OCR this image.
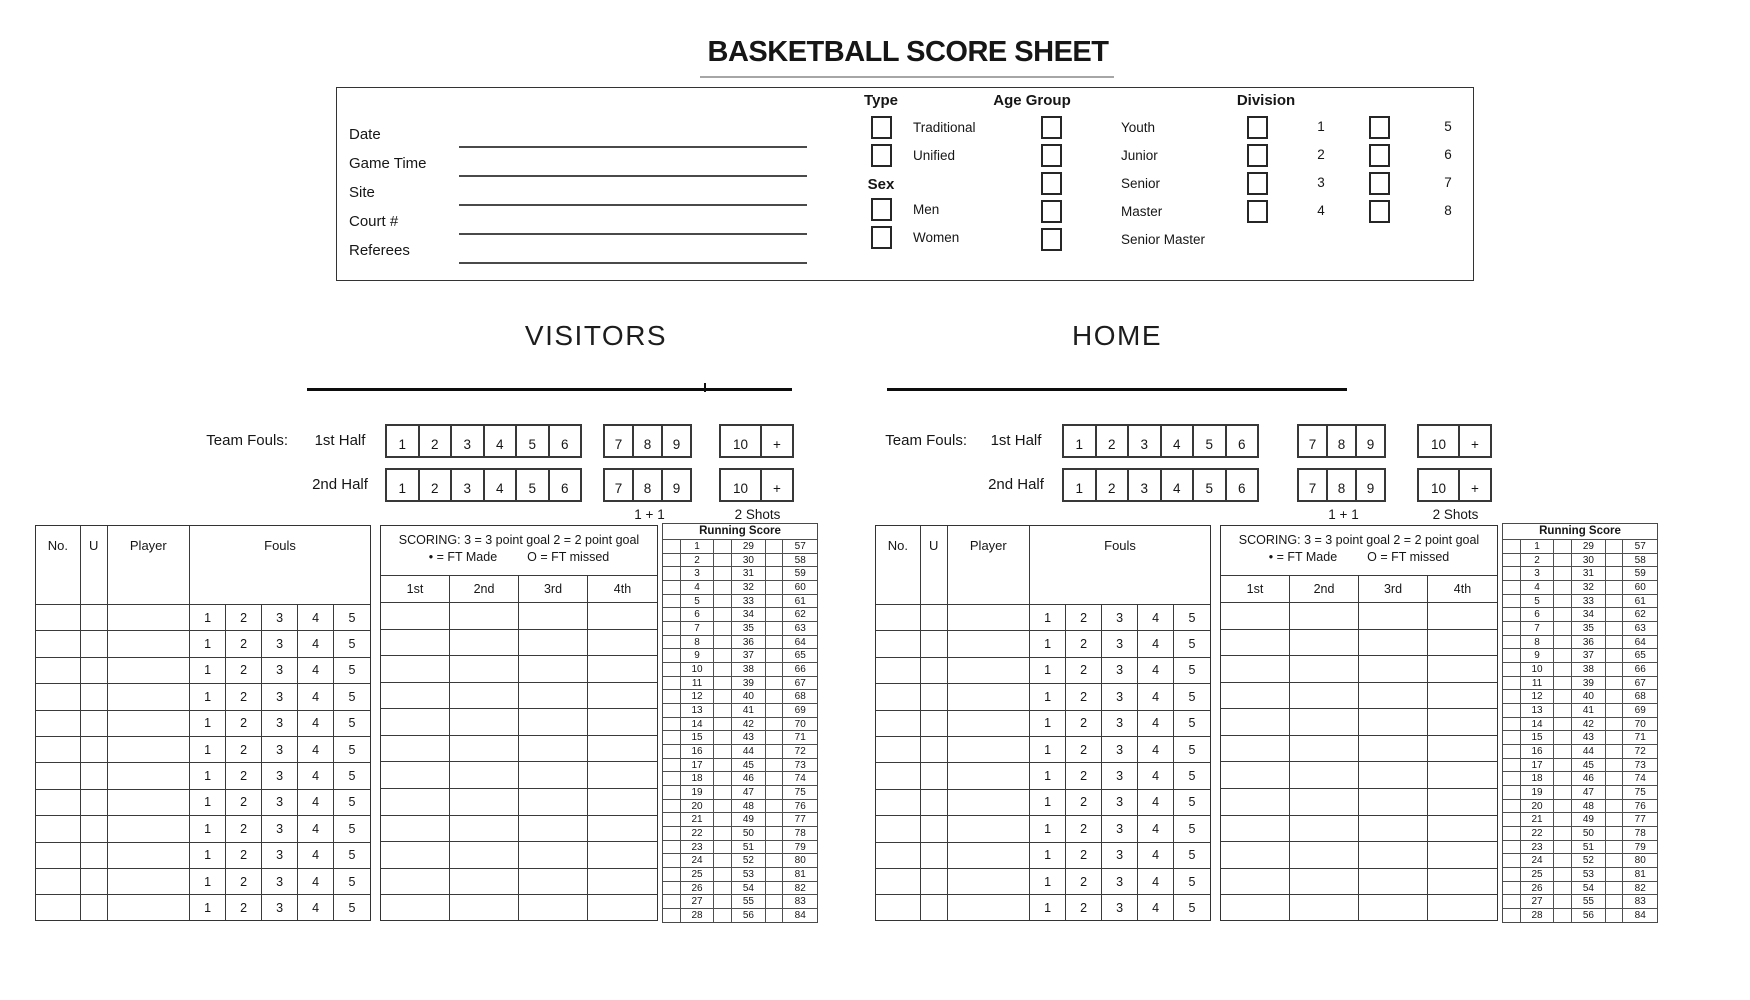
BASKETBALL SCORE SHEET
Date
Game Time
Site
Court #
Referees
Type
Traditional
Unified
Sex
Men
Women
Age Group
Youth
Junior
Senior
Master
Senior Master
Division
1
2
3
4
5
6
7
8
VISITORS
Team Fouls:	1st Half	1	2	3	4	5	6	7	8	9	10	+
2nd Half	1	2	3	4	5	6	7	8	9	10	+
1 + 1	2 Shots
No.	U	Player	Fouls
1	2	3	4	5
1	2	3	4	5
1	2	3	4	5
1	2	3	4	5
1	2	3	4	5
1	2	3	4	5
1	2	3	4	5
1	2	3	4	5
1	2	3	4	5
1	2	3	4	5
1	2	3	4	5
1	2	3	4	5
SCORING: 3 = 3 point goal 2 = 2 point goal
• = FT Made O = FT missed
1st	2nd	3rd	4th
Running Score
1	29	57
2	30	58
3	31	59
4	32	60
5	33	61
6	34	62
7	35	63
8	36	64
9	37	65
10	38	66
11	39	67
12	40	68
13	41	69
14	42	70
15	43	71
16	44	72
17	45	73
18	46	74
19	47	75
20	48	76
21	49	77
22	50	78
23	51	79
24	52	80
25	53	81
26	54	82
27	55	83
28	56	84
HOME
Team Fouls:	1st Half	1	2	3	4	5	6	7	8	9	10	+
2nd Half	1	2	3	4	5	6	7	8	9	10	+
1 + 1	2 Shots
No.	U	Player	Fouls
1	2	3	4	5
1	2	3	4	5
1	2	3	4	5
1	2	3	4	5
1	2	3	4	5
1	2	3	4	5
1	2	3	4	5
1	2	3	4	5
1	2	3	4	5
1	2	3	4	5
1	2	3	4	5
1	2	3	4	5
SCORING: 3 = 3 point goal 2 = 2 point goal
• = FT Made O = FT missed
1st	2nd	3rd	4th
Running Score
1	29	57
2	30	58
3	31	59
4	32	60
5	33	61
6	34	62
7	35	63
8	36	64
9	37	65
10	38	66
11	39	67
12	40	68
13	41	69
14	42	70
15	43	71
16	44	72
17	45	73
18	46	74
19	47	75
20	48	76
21	49	77
22	50	78
23	51	79
24	52	80
25	53	81
26	54	82
27	55	83
28	56	84
